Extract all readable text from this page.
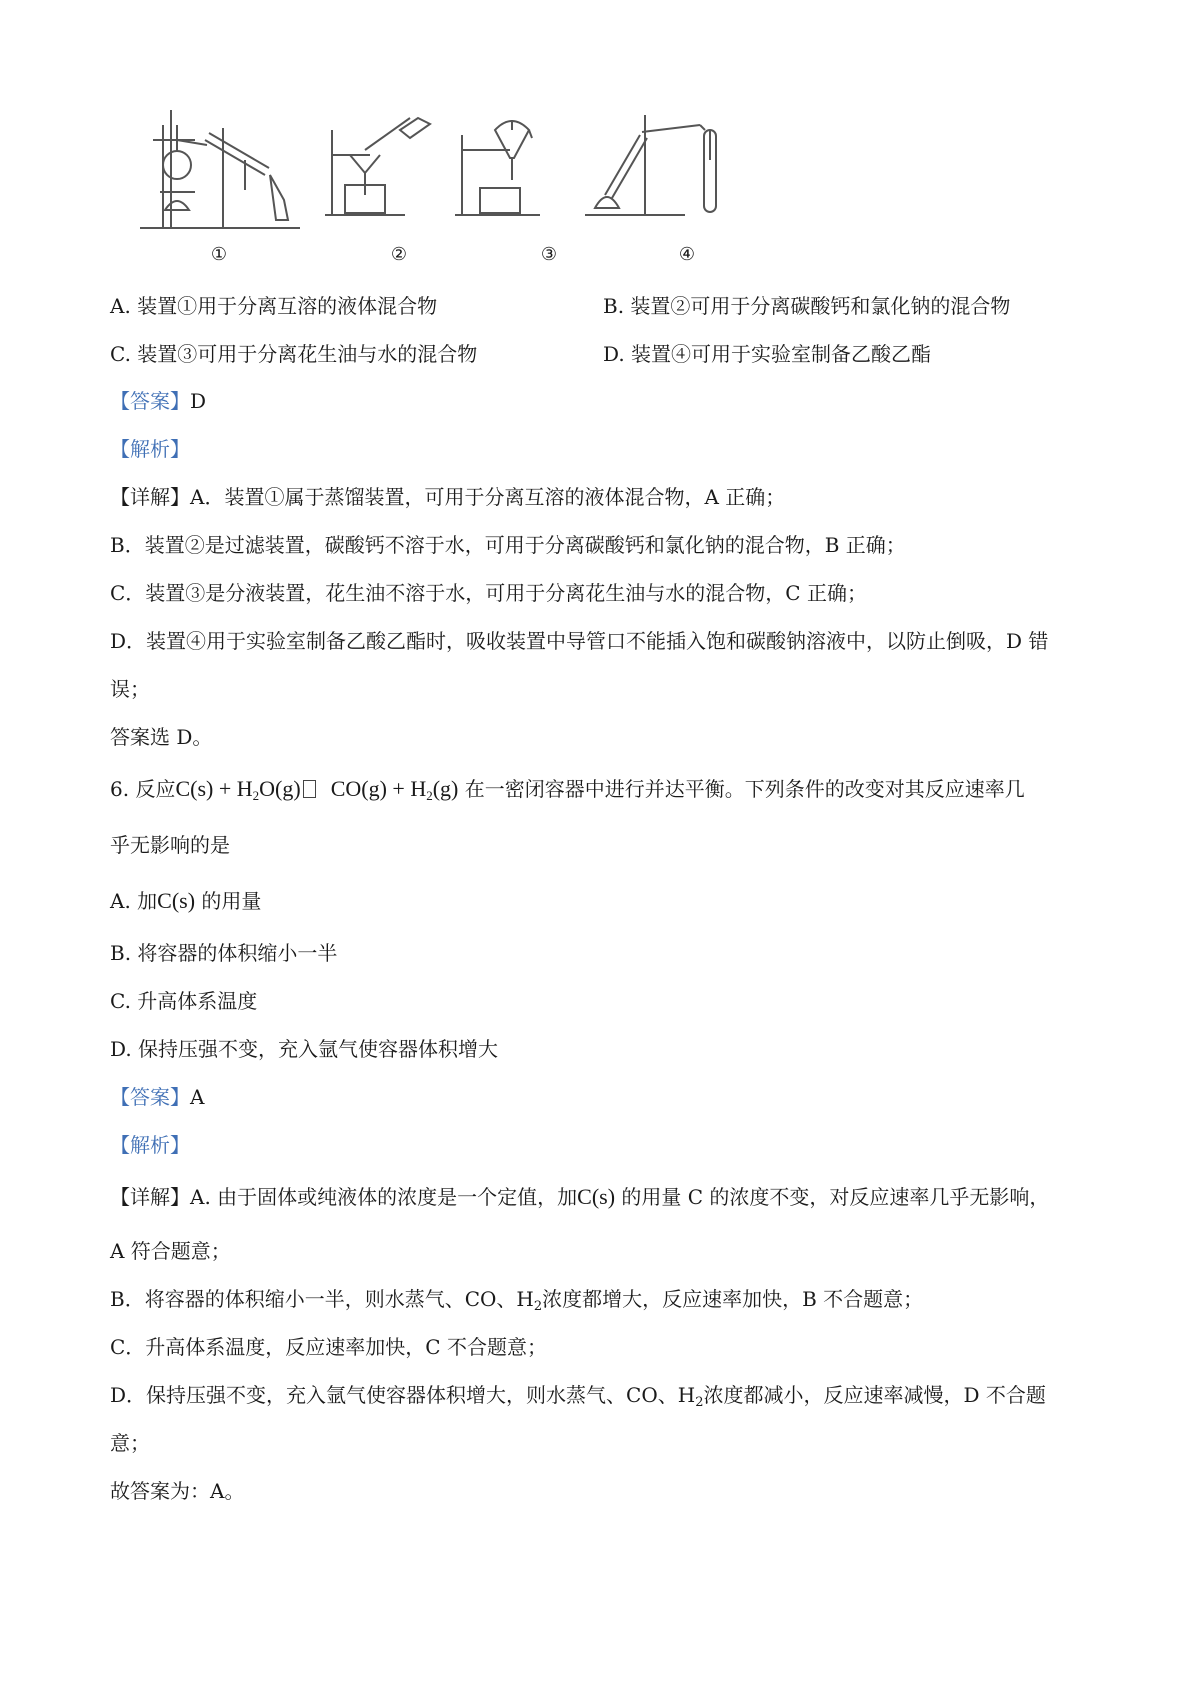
①	②	③	④
A. 装置①用于分离互溶的液体混合物	B. 装置②可用于分离碳酸钙和氯化钠的混合物
C. 装置③可用于分离花生油与水的混合物	D. 装置④可用于实验室制备乙酸乙酯
【答案】D
【解析】
【详解】A．装置①属于蒸馏装置，可用于分离互溶的液体混合物，A 正确；
B．装置②是过滤装置，碳酸钙不溶于水，可用于分离碳酸钙和氯化钠的混合物，B 正确；
C．装置③是分液装置，花生油不溶于水，可用于分离花生油与水的混合物，C 正确；
D．装置④用于实验室制备乙酸乙酯时，吸收装置中导管口不能插入饱和碳酸钠溶液中，以防止倒吸，D 错
误；
答案选 D。
6. 反应$C(s) + H_2O(g) CO(g) + H_2(g)$ 在一密闭容器中进行并达平衡。下列条件的改变对其反应速率几
乎无影响的是
A. 加C(s) 的用量
B. 将容器的体积缩小一半
C. 升高体系温度
D. 保持压强不变，充入氩气使容器体积增大
【答案】A
【解析】
【详解】A. 由于固体或纯液体的浓度是一个定值，加C(s) 的用量 C 的浓度不变，对反应速率几乎无影响，
A 符合题意；
B．将容器的体积缩小一半，则水蒸气、CO、$H_2$浓度都增大，反应速率加快，B 不合题意；
C．升高体系温度，反应速率加快，C 不合题意；
D．保持压强不变，充入氩气使容器体积增大，则水蒸气、CO、$H_2$浓度都减小，反应速率减慢，D 不合题
意；
故答案为：A。
